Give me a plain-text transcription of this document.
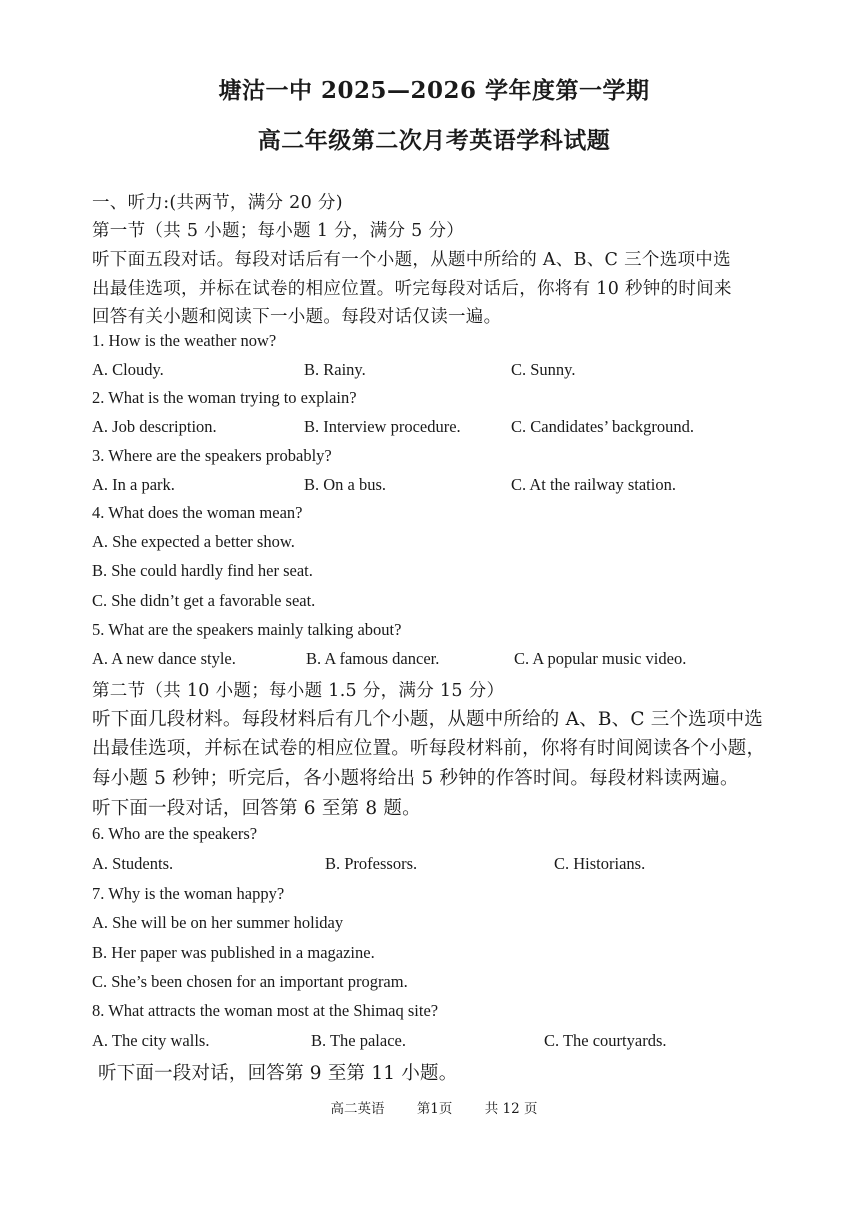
塘沽一中 2025—2026 学年度第一学期
高二年级第二次月考英语学科试题
一、听力:(共两节，满分 20 分)
第一节（共 5 小题；每小题 1 分，满分 5 分）
听下面五段对话。每段对话后有一个小题，从题中所给的 A、B、C 三个选项中选
出最佳选项，并标在试卷的相应位置。听完每段对话后，你将有 10 秒钟的时间来
回答有关小题和阅读下一小题。每段对话仅读一遍。
1. How is the weather now?
A. Cloudy.	B. Rainy.	C. Sunny.
2. What is the woman trying to explain?
A. Job description.	B. Interview procedure.	C. Candidates’ background.
3. Where are the speakers probably?
A. In a park.	B. On a bus.	C. At the railway station.
4. What does the woman mean?
A. She expected a better show.
B. She could hardly find her seat.
C. She didn’t get a favorable seat.
5. What are the speakers mainly talking about?
A. A new dance style.	B. A famous dancer.	C. A popular music video.
第二节（共 10 小题；每小题 1.5 分，满分 15 分）
听下面几段材料。每段材料后有几个小题，从题中所给的 A、B、C 三个选项中选
出最佳选项，并标在试卷的相应位置。听每段材料前，你将有时间阅读各个小题，
每小题 5 秒钟；听完后，各小题将给出 5 秒钟的作答时间。每段材料读两遍。
听下面一段对话，回答第 6 至第 8 题。
6. Who are the speakers?
A. Students.	B. Professors.	C. Historians.
7. Why is the woman happy?
A. She will be on her summer holiday
B. Her paper was published in a magazine.
C. She’s been chosen for an important program.
8. What attracts the woman most at the Shimaq site?
A. The city walls.	B. The palace.	C. The courtyards.
听下面一段对话，回答第 9 至第 11 小题。
高二英语 第1页 共 12 页
